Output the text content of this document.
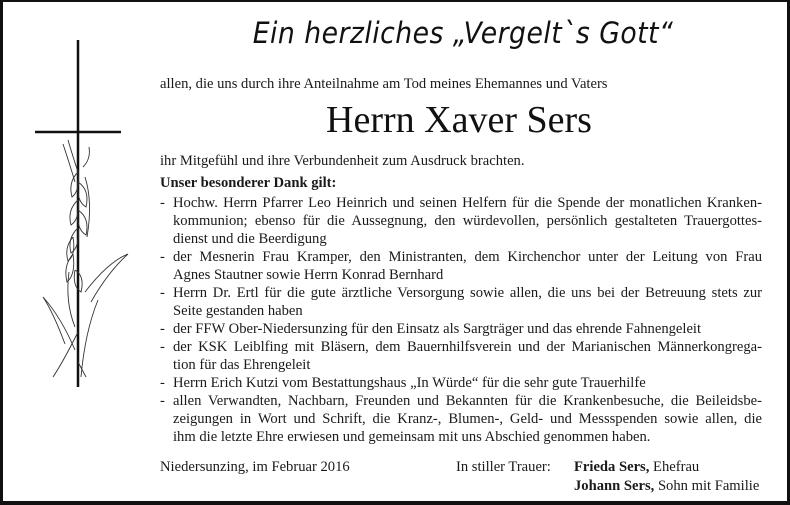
Ein herzliches „Vergelt`s Gott“
allen, die uns durch ihre Anteilnahme am Tod meines Ehemannes und Vaters
Herrn Xaver Sers
ihr Mitgefühl und ihre Verbundenheit zum Ausdruck brachten.
Unser besonderer Dank gilt:
- Hochw. Herrn Pfarrer Leo Heinrich und seinen Helfern für die Spende der monatlichen Kranken-
kommunion; ebenso für die Aussegnung, den würdevollen, persönlich gestalteten Trauergottes-
dienst und die Beerdigung
- der Mesnerin Frau Kramper, den Ministranten, dem Kirchenchor unter der Leitung von Frau
Agnes Stautner sowie Herrn Konrad Bernhard
- Herrn Dr. Ertl für die gute ärztliche Versorgung sowie allen, die uns bei der Betreuung stets zur
Seite gestanden haben
- der FFW Ober-Niedersunzing für den Einsatz als Sargträger und das ehrende Fahnengeleit
- der KSK Leiblfing mit Bläsern, dem Bauernhilfsverein und der Marianischen Männerkongrega-
tion für das Ehrengeleit
- Herrn Erich Kutzi vom Bestattungshaus „In Würde“ für die sehr gute Trauerhilfe
- allen Verwandten, Nachbarn, Freunden und Bekannten für die Krankenbesuche, die Beileidsbe-
zeigungen in Wort und Schrift, die Kranz-, Blumen-, Geld- und Messspenden sowie allen, die
ihm die letzte Ehre erwiesen und gemeinsam mit uns Abschied genommen haben.
Niedersunzing, im Februar 2016	In stiller Trauer: Frieda Sers, Ehefrau
Johann Sers, Sohn mit Familie
